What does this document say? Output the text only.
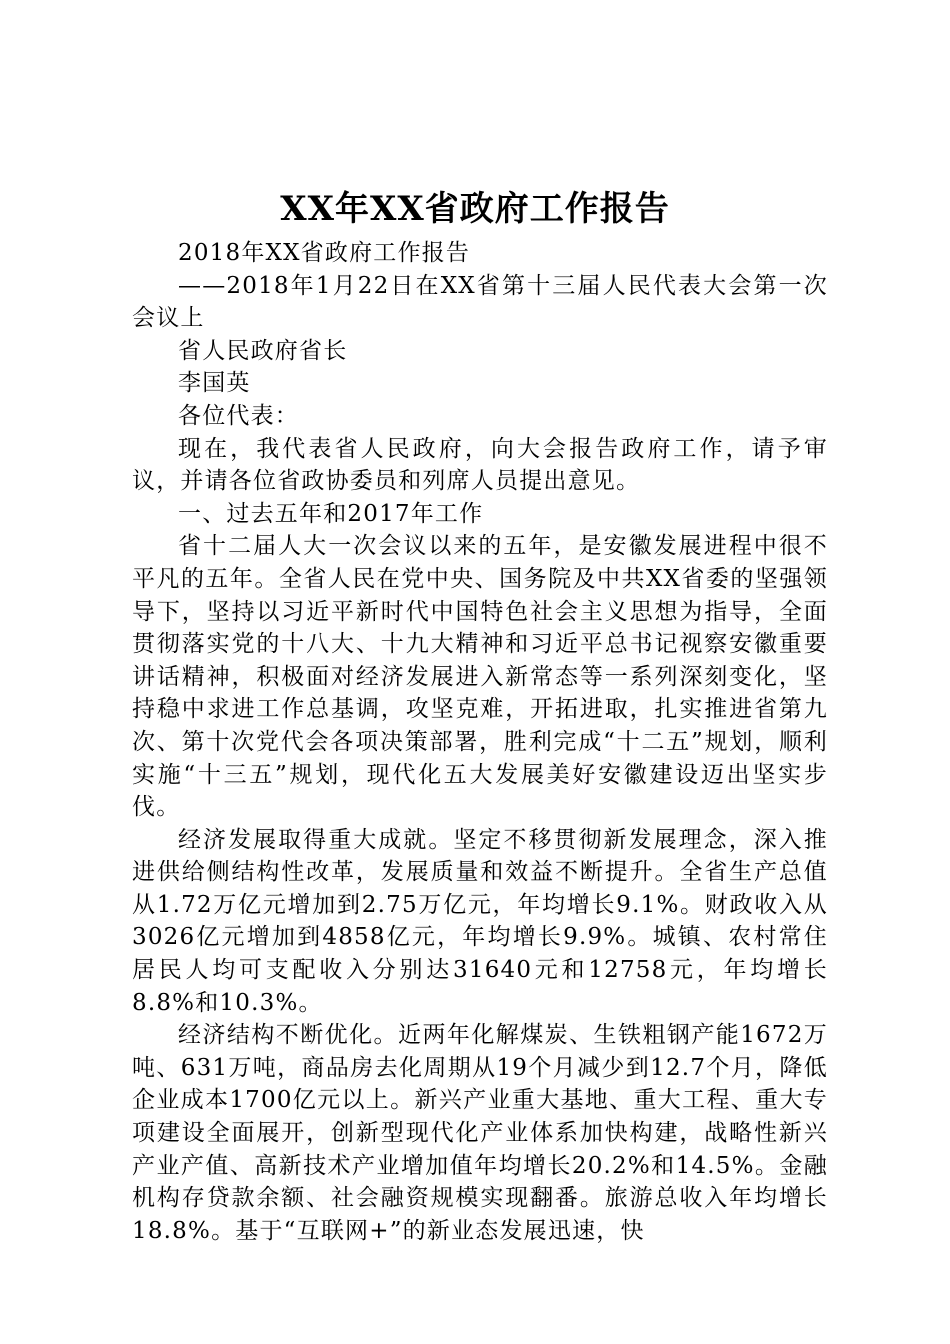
XX年XX省政府工作报告

2018年XX省政府工作报告

——2018年1月22日在XX省第十三届人民代表大会第一次会议上

省人民政府省长

李国英

各位代表：

现在，我代表省人民政府，向大会报告政府工作，请予审议，并请各位省政协委员和列席人员提出意见。

一、过去五年和2017年工作

省十二届人大一次会议以来的五年，是安徽发展进程中很不平凡的五年。全省人民在党中央、国务院及中共XX省委的坚强领导下，坚持以习近平新时代中国特色社会主义思想为指导，全面贯彻落实党的十八大、十九大精神和习近平总书记视察安徽重要讲话精神，积极面对经济发展进入新常态等一系列深刻变化，坚持稳中求进工作总基调，攻坚克难，开拓进取，扎实推进省第九次、第十次党代会各项决策部署，胜利完成“十二五”规划，顺利实施“十三五”规划，现代化五大发展美好安徽建设迈出坚实步伐。

经济发展取得重大成就。坚定不移贯彻新发展理念，深入推进供给侧结构性改革，发展质量和效益不断提升。全省生产总值从1.72万亿元增加到2.75万亿元，年均增长9.1%。财政收入从3026亿元增加到4858亿元，年均增长9.9%。城镇、农村常住居民人均可支配收入分别达31640元和12758元，年均增长8.8%和10.3%。

经济结构不断优化。近两年化解煤炭、生铁粗钢产能1672万吨、631万吨，商品房去化周期从19个月减少到12.7个月，降低企业成本1700亿元以上。新兴产业重大基地、重大工程、重大专项建设全面展开，创新型现代化产业体系加快构建，战略性新兴产业产值、高新技术产业增加值年均增长20.2%和14.5%。金融机构存贷款余额、社会融资规模实现翻番。旅游总收入年均增长18.8%。基于“互联网+”的新业态发展迅速，快
